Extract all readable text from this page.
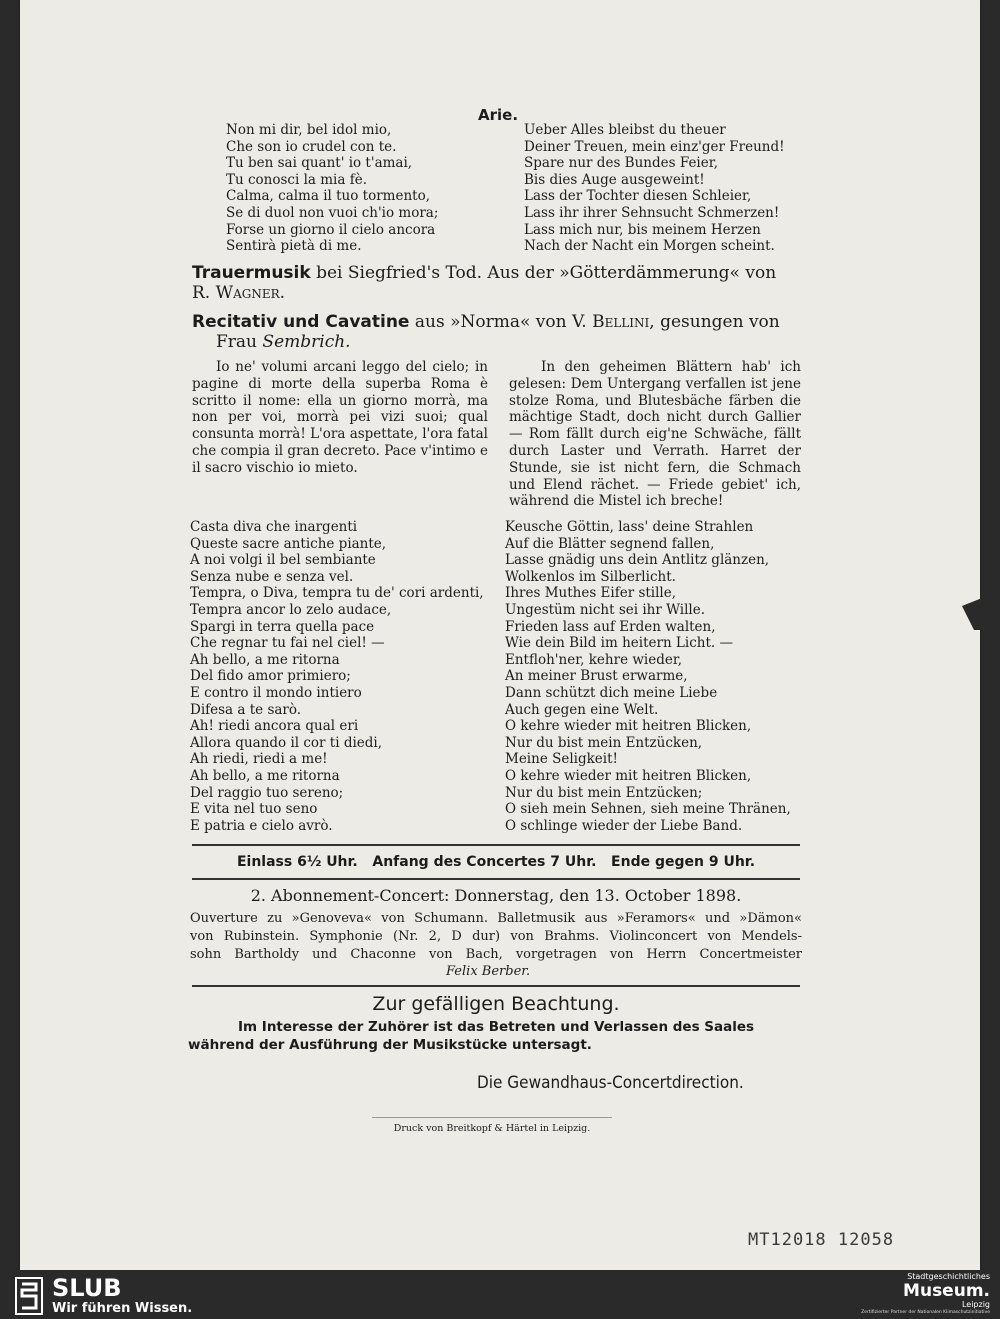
Arie.
Non mi dir, bel idol mio,
Che son io crudel con te.
Tu ben sai quant' io t'amai,
Tu conosci la mia fè.
Calma, calma il tuo tormento,
Se di duol non vuoi ch'io mora;
Forse un giorno il cielo ancora
Sentirà pietà di me.
Ueber Alles bleibst du theuer
Deiner Treuen, mein einz'ger Freund!
Spare nur des Bundes Feier,
Bis dies Auge ausgeweint!
Lass der Tochter diesen Schleier,
Lass ihr ihrer Sehnsucht Schmerzen!
Lass mich nur, bis meinem Herzen
Nach der Nacht ein Morgen scheint.
Trauermusik bei Siegfried's Tod. Aus der »Götterdämmerung« von
R. Wagner.
Recitativ und Cavatine aus »Norma« von V. Bellini, gesungen von
Frau Sembrich.
Io ne' volumi arcani leggo del cielo; in pagine di morte della superba Roma è scritto il nome: ella un giorno morrà, ma non per voi, morrà pei vizi suoi; qual consunta morrà! L'ora aspettate, l'ora fatal che compia il gran decreto. Pace v'intimo e il sacro vischio io mieto.
In den geheimen Blättern hab' ich gelesen: Dem Untergang verfallen ist jene stolze Roma, und Blutesbäche färben die mächtige Stadt, doch nicht durch Gallier — Rom fällt durch eig'ne Schwäche, fällt durch Laster und Verrath. Harret der Stunde, sie ist nicht fern, die Schmach und Elend rächet. — Friede gebiet' ich, während die Mistel ich breche!
Casta diva che inargenti
Queste sacre antiche piante,
A noi volgi il bel sembiante
Senza nube e senza vel.
Tempra, o Diva, tempra tu de' cori ardenti,
Tempra ancor lo zelo audace,
Spargi in terra quella pace
Che regnar tu fai nel ciel! —
Ah bello, a me ritorna
Del fido amor primiero;
E contro il mondo intiero
Difesa a te sarò.
Ah! riedi ancora qual eri
Allora quando il cor ti diedi,
Ah riedi, riedi a me!
Ah bello, a me ritorna
Del raggio tuo sereno;
E vita nel tuo seno
E patria e cielo avrò.
Keusche Göttin, lass' deine Strahlen
Auf die Blätter segnend fallen,
Lasse gnädig uns dein Antlitz glänzen,
Wolkenlos im Silberlicht.
Ihres Muthes Eifer stille,
Ungestüm nicht sei ihr Wille.
Frieden lass auf Erden walten,
Wie dein Bild im heitern Licht. —
Entfloh'ner, kehre wieder,
An meiner Brust erwarme,
Dann schützt dich meine Liebe
Auch gegen eine Welt.
O kehre wieder mit heitren Blicken,
Nur du bist mein Entzücken,
Meine Seligkeit!
O kehre wieder mit heitren Blicken,
Nur du bist mein Entzücken;
O sieh mein Sehnen, sieh meine Thränen,
O schlinge wieder der Liebe Band.
Einlass 6½ Uhr.   Anfang des Concertes 7 Uhr.   Ende gegen 9 Uhr.
2. Abonnement-Concert: Donnerstag, den 13. October 1898.
Ouverture zu »Genoveva« von Schumann. Balletmusik aus »Feramors« und »Dämon«
von Rubinstein. Symphonie (Nr. 2, D dur) von Brahms. Violinconcert von Mendels-
sohn Bartholdy und Chaconne von Bach, vorgetragen von Herrn Concertmeister
Felix Berber.
Zur gefälligen Beachtung.
Im Interesse der Zuhörer ist das Betreten und Verlassen des Saales
während der Ausführung der Musikstücke untersagt.
Die Gewandhaus-Concertdirection.
Druck von Breitkopf & Härtel in Leipzig.
MT12018 12058
SLUB
Wir führen Wissen.
Stadtgeschichtliches
Museum.
Leipzig
Zertifizierter Partner der Nationalen Klimaschutzinitiative
